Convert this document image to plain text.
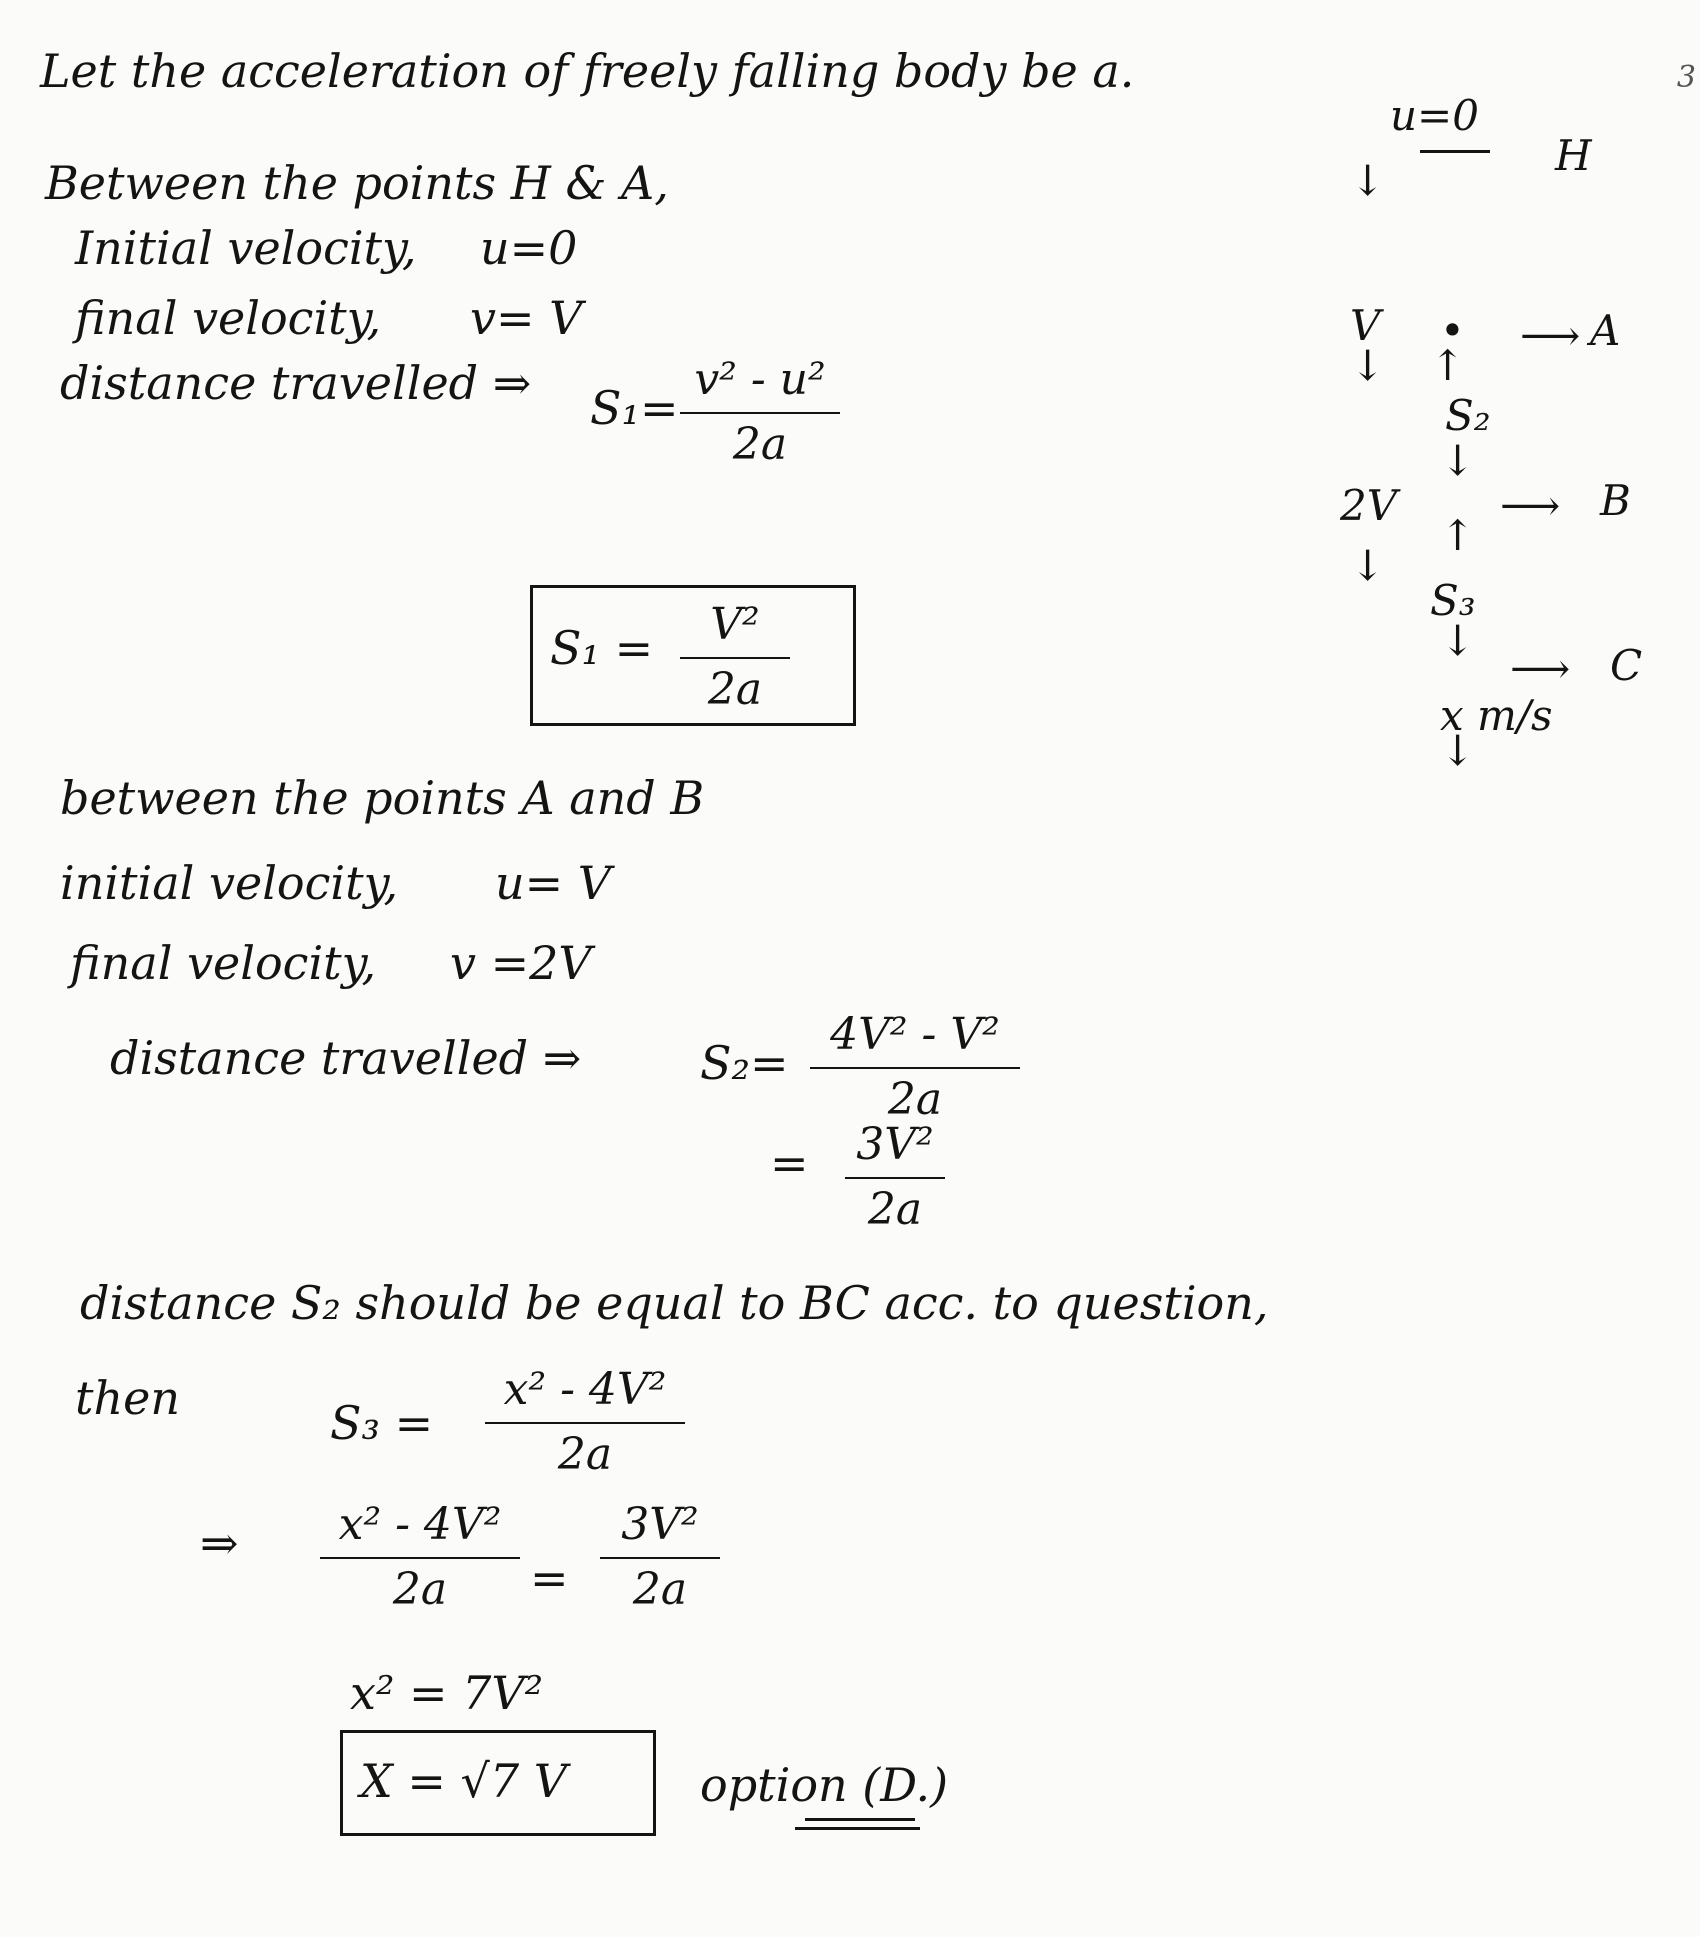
3
Let the acceleration of freely falling body be a.
Between the points H & A,
Initial velocity, u=0
final velocity, v= V
distance travelled ⇒ S₁=
v² - u²
2a
S₁ =	V²
2a
between the points A and B
initial velocity, u= V
final velocity, v =2V
distance travelled ⇒	S₂=
4V² - V²
2a
= 3V²
2a
distance S₂ should be equal to BC acc. to question,
then	S₃ =
x² - 4V²
2a
⇒	x² - 4V²
2a	=
3V²
2a
x² = 7V²
X = √7 V	option (D.)
u=0
H
↓
V
↓
• ⟶ A
↑
S₂
↓
2V
↓
⟶ B
↑
S₃
↓
⟶ C
x m/s
↓
